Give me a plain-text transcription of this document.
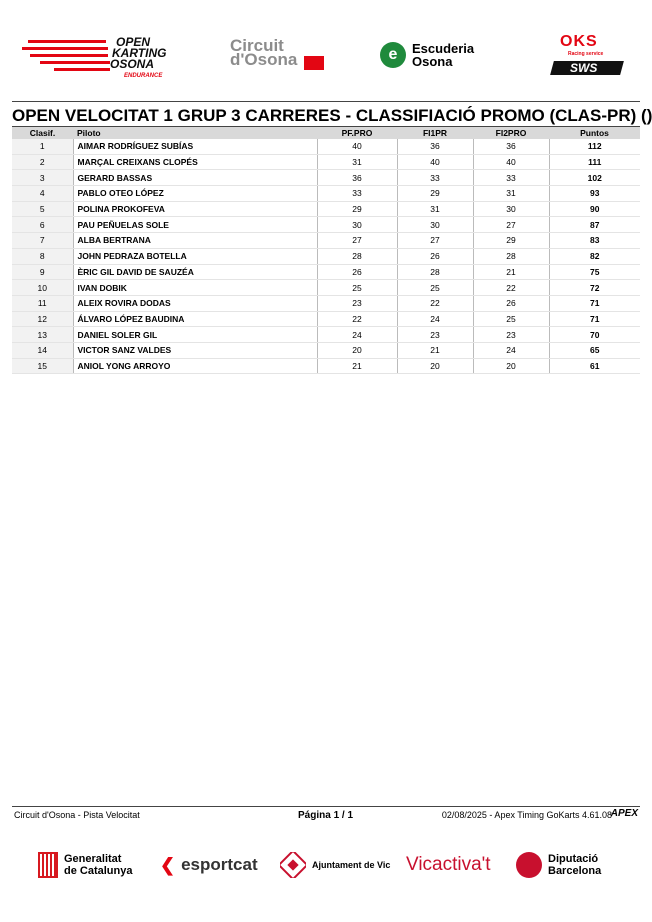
OPEN
KARTING
OSONA
ENDURANCE
Circuit
d'Osona	e	Escuderia
Osona
OKS
Racing service
SWS
OPEN VELOCITAT 1 GRUP 3 CARRERES - CLASSIFIACIÓ PROMO (CLAS-PR) ()
Clasif.	Piloto	PF.PRO	FI1PR	FI2PRO	Puntos
1	AIMAR RODRÍGUEZ SUBÍAS	40	36	36	112
2	MARÇAL CREIXANS CLOPÉS	31	40	40	111
3	GERARD BASSAS	36	33	33	102
4	PABLO OTEO LÓPEZ	33	29	31	93
5	POLINA PROKOFEVA	29	31	30	90
6	PAU PEÑUELAS SOLE	30	30	27	87
7	ALBA BERTRANA	27	27	29	83
8	JOHN PEDRAZA BOTELLA	28	26	28	82
9	ÈRIC GIL DAVID DE SAUZÉA	26	28	21	75
10	IVAN DOBIK	25	25	22	72
11	ALEIX ROVIRA DODAS	23	22	26	71
12	ÁLVARO LÓPEZ BAUDINA	22	24	25	71
13	DANIEL SOLER GIL	24	23	23	70
14	VICTOR SANZ VALDES	20	21	24	65
15	ANIOL YONG ARROYO	21	20	20	61
Circuit d'Osona - Pista Velocitat	Página 1 / 1	02/08/2025 - Apex Timing GoKarts 4.61.08
APEX
Generalitat
de Catalunya ❮ esportcat	Ajuntament de Vic Vicactiva't	Diputació
Barcelona
